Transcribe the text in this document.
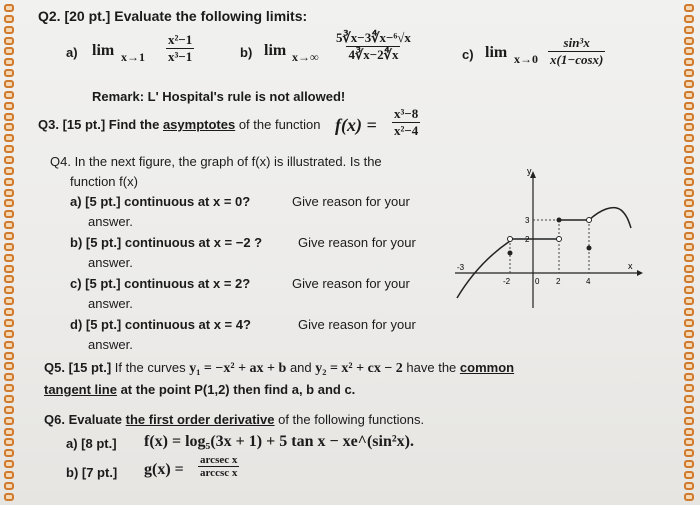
Q2. [20 pt.] Evaluate the following limits:
a) $\lim x\to 1 \frac{\text{x²−1}}{\text{x³−1}}$	b) $\lim x\to\infty \frac{\text{5∛x−3∜x−⁶√x}}{4∛x-2∜x}$	c) $\lim x\to 0 \frac{\text{sin³x}}{x(1-\cos x)}$
Remark: L' Hospital's rule is not allowed!
Q3. [15 pt.] Find the asymptotes of the function $f(x) = \frac{\text{x³−8}}{\text{x²−4}}$
Q4. In the next figure, the graph of f(x) is illustrated. Is the
function f(x)
a) [5 pt.] continuous at x = 0?	Give reason for your
answer.
b) [5 pt.] continuous at x = −2 ?	Give reason for your
answer.
c) [5 pt.] continuous at x = 2?	Give reason for your
answer.
d) [5 pt.] continuous at x = 4?	Give reason for your
answer.
x
y
-2	0 2	4
3
2
-3
Q5. [15 pt.] If the curves y₁ = −x² + ax + b and y₂ = x² + cx − 2 have the common
tangent line at the point P(1,2) then find a, b and c.
Q6. Evaluate the first order derivative of the following functions.
a) [8 pt.] f(x) = log₅(3x + 1) + 5 tan x − xe^(sin²x).
b) [7 pt.] g(x) =
arcsec x
arccsc x
